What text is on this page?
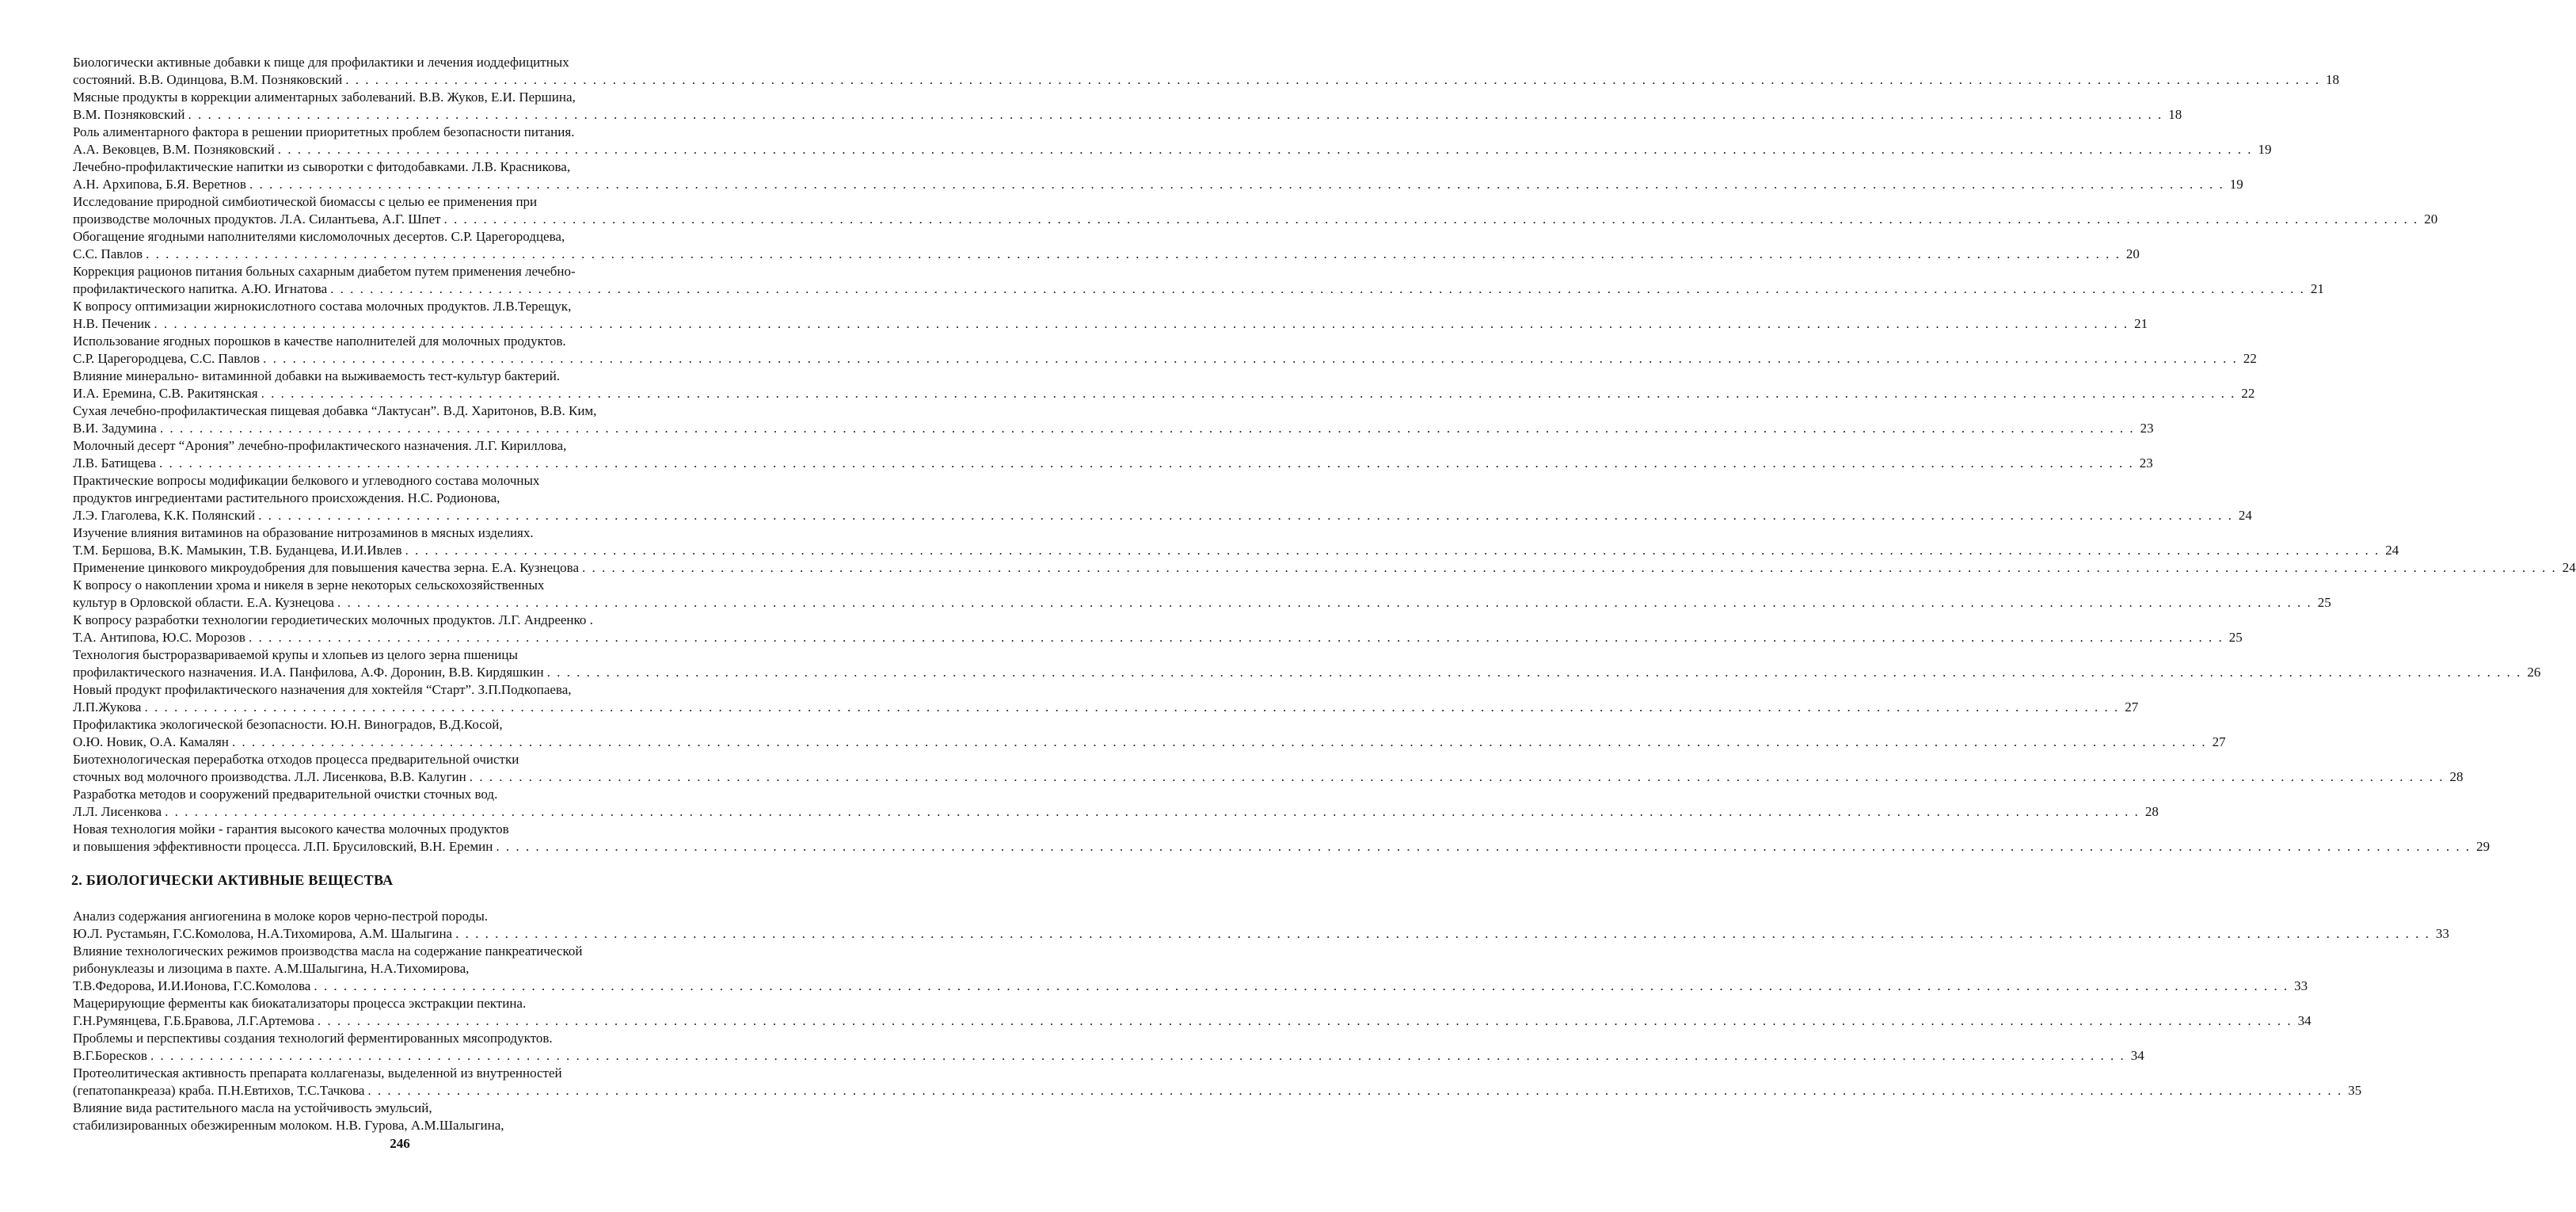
Биологически активные добавки к пище для профилактики и лечения иоддефицитных
состояний. В.В. Одинцова, В.М. Позняковский . . . . . . . . . . . . . . . . . . . . . . . . . . . . . . . . . . . . . . . . . . . . . . . . . . . . . . . . . . . . . . . . . . . . . . . . . . . . . . . . . . . . . . . . . . . . . . . . . . . . . . . . . . . . . . . . . . . . . . . . . . . . . . . . . . . . . . . . . . . . . . . . . . . . . . . . . . . . . . . . . . . . . . . . . . . . . . . . . . . . . . . . . . . . . . . . . . . . . . . . 18
Мясные продукты в коррекции алиментарных заболеваний. В.В. Жуков, Е.И. Першина,
В.М. Позняковский . . . . . . . . . . . . . . . . . . . . . . . . . . . . . . . . . . . . . . . . . . . . . . . . . . . . . . . . . . . . . . . . . . . . . . . . . . . . . . . . . . . . . . . . . . . . . . . . . . . . . . . . . . . . . . . . . . . . . . . . . . . . . . . . . . . . . . . . . . . . . . . . . . . . . . . . . . . . . . . . . . . . . . . . . . . . . . . . . . . . . . . . . . . . . . . . . . . . . . . . 18
Роль алиментарного фактора в решении приоритетных проблем безопасности питания.
А.А. Вековцев, В.М. Позняковский . . . . . . . . . . . . . . . . . . . . . . . . . . . . . . . . . . . . . . . . . . . . . . . . . . . . . . . . . . . . . . . . . . . . . . . . . . . . . . . . . . . . . . . . . . . . . . . . . . . . . . . . . . . . . . . . . . . . . . . . . . . . . . . . . . . . . . . . . . . . . . . . . . . . . . . . . . . . . . . . . . . . . . . . . . . . . . . . . . . . . . . . . . . . . . . . . . . . . . . . 19
Лечебно-профилактические напитки из сыворотки с фитодобавками. Л.В. Красникова,
А.Н. Архипова, Б.Я. Веретнов . . . . . . . . . . . . . . . . . . . . . . . . . . . . . . . . . . . . . . . . . . . . . . . . . . . . . . . . . . . . . . . . . . . . . . . . . . . . . . . . . . . . . . . . . . . . . . . . . . . . . . . . . . . . . . . . . . . . . . . . . . . . . . . . . . . . . . . . . . . . . . . . . . . . . . . . . . . . . . . . . . . . . . . . . . . . . . . . . . . . . . . . . . . . . . . . . . . . . . . . 19
Исследование природной симбиотической биомассы с целью ее применения при
производстве молочных продуктов. Л.А. Силантьева, А.Г. Шпет . . . . . . . . . . . . . . . . . . . . . . . . . . . . . . . . . . . . . . . . . . . . . . . . . . . . . . . . . . . . . . . . . . . . . . . . . . . . . . . . . . . . . . . . . . . . . . . . . . . . . . . . . . . . . . . . . . . . . . . . . . . . . . . . . . . . . . . . . . . . . . . . . . . . . . . . . . . . . . . . . . . . . . . . . . . . . . . . . . . . . . . . . . . . . . . . . . . . . . . . 20
Обогащение ягодными наполнителями кисломолочных десертов. С.Р. Царегородцева,
С.С. Павлов . . . . . . . . . . . . . . . . . . . . . . . . . . . . . . . . . . . . . . . . . . . . . . . . . . . . . . . . . . . . . . . . . . . . . . . . . . . . . . . . . . . . . . . . . . . . . . . . . . . . . . . . . . . . . . . . . . . . . . . . . . . . . . . . . . . . . . . . . . . . . . . . . . . . . . . . . . . . . . . . . . . . . . . . . . . . . . . . . . . . . . . . . . . . . . . . . . . . . . . . 20
Коррекция рационов питания больных сахарным диабетом путем применения лечебно-
профилактического напитка. А.Ю. Игнатова . . . . . . . . . . . . . . . . . . . . . . . . . . . . . . . . . . . . . . . . . . . . . . . . . . . . . . . . . . . . . . . . . . . . . . . . . . . . . . . . . . . . . . . . . . . . . . . . . . . . . . . . . . . . . . . . . . . . . . . . . . . . . . . . . . . . . . . . . . . . . . . . . . . . . . . . . . . . . . . . . . . . . . . . . . . . . . . . . . . . . . . . . . . . . . . . . . . . . . . . 21
К вопросу оптимизации жирнокислотного состава молочных продуктов. Л.В.Терещук,
Н.В. Печеник . . . . . . . . . . . . . . . . . . . . . . . . . . . . . . . . . . . . . . . . . . . . . . . . . . . . . . . . . . . . . . . . . . . . . . . . . . . . . . . . . . . . . . . . . . . . . . . . . . . . . . . . . . . . . . . . . . . . . . . . . . . . . . . . . . . . . . . . . . . . . . . . . . . . . . . . . . . . . . . . . . . . . . . . . . . . . . . . . . . . . . . . . . . . . . . . . . . . . . . . 21
Использование ягодных порошков в качестве наполнителей для молочных продуктов.
С.Р. Царегородцева, С.С. Павлов . . . . . . . . . . . . . . . . . . . . . . . . . . . . . . . . . . . . . . . . . . . . . . . . . . . . . . . . . . . . . . . . . . . . . . . . . . . . . . . . . . . . . . . . . . . . . . . . . . . . . . . . . . . . . . . . . . . . . . . . . . . . . . . . . . . . . . . . . . . . . . . . . . . . . . . . . . . . . . . . . . . . . . . . . . . . . . . . . . . . . . . . . . . . . . . . . . . . . . . . 22
Влияние минерально- витаминной добавки на выживаемость тест-культур бактерий.
И.А. Еремина, С.В. Ракитянская . . . . . . . . . . . . . . . . . . . . . . . . . . . . . . . . . . . . . . . . . . . . . . . . . . . . . . . . . . . . . . . . . . . . . . . . . . . . . . . . . . . . . . . . . . . . . . . . . . . . . . . . . . . . . . . . . . . . . . . . . . . . . . . . . . . . . . . . . . . . . . . . . . . . . . . . . . . . . . . . . . . . . . . . . . . . . . . . . . . . . . . . . . . . . . . . . . . . . . . . 22
Сухая лечебно-профилактическая пищевая добавка “Лактусан”. В.Д. Харитонов, В.В. Ким,
В.И. Задумина . . . . . . . . . . . . . . . . . . . . . . . . . . . . . . . . . . . . . . . . . . . . . . . . . . . . . . . . . . . . . . . . . . . . . . . . . . . . . . . . . . . . . . . . . . . . . . . . . . . . . . . . . . . . . . . . . . . . . . . . . . . . . . . . . . . . . . . . . . . . . . . . . . . . . . . . . . . . . . . . . . . . . . . . . . . . . . . . . . . . . . . . . . . . . . . . . . . . . . . . 23
Молочный десерт “Арония” лечебно-профилактического назначения. Л.Г. Кириллова,
Л.В. Батищева . . . . . . . . . . . . . . . . . . . . . . . . . . . . . . . . . . . . . . . . . . . . . . . . . . . . . . . . . . . . . . . . . . . . . . . . . . . . . . . . . . . . . . . . . . . . . . . . . . . . . . . . . . . . . . . . . . . . . . . . . . . . . . . . . . . . . . . . . . . . . . . . . . . . . . . . . . . . . . . . . . . . . . . . . . . . . . . . . . . . . . . . . . . . . . . . . . . . . . . . 23
Практические вопросы модификации белкового и углеводного состава молочных
продуктов ингредиентами растительного происхождения. Н.С. Родионова,
Л.Э. Глаголева, К.К. Полянский . . . . . . . . . . . . . . . . . . . . . . . . . . . . . . . . . . . . . . . . . . . . . . . . . . . . . . . . . . . . . . . . . . . . . . . . . . . . . . . . . . . . . . . . . . . . . . . . . . . . . . . . . . . . . . . . . . . . . . . . . . . . . . . . . . . . . . . . . . . . . . . . . . . . . . . . . . . . . . . . . . . . . . . . . . . . . . . . . . . . . . . . . . . . . . . . . . . . . . . . 24
Изучение влияния витаминов на образование нитрозаминов в мясных изделиях.
Т.М. Бершова, В.К. Мамыкин, Т.В. Буданцева, И.И.Ивлев . . . . . . . . . . . . . . . . . . . . . . . . . . . . . . . . . . . . . . . . . . . . . . . . . . . . . . . . . . . . . . . . . . . . . . . . . . . . . . . . . . . . . . . . . . . . . . . . . . . . . . . . . . . . . . . . . . . . . . . . . . . . . . . . . . . . . . . . . . . . . . . . . . . . . . . . . . . . . . . . . . . . . . . . . . . . . . . . . . . . . . . . . . . . . . . . . . . . . . . . 24
Применение цинкового микроудобрения для повышения качества зерна. Е.А. Кузнецова . . . . . . . . . . . . . . . . . . . . . . . . . . . . . . . . . . . . . . . . . . . . . . . . . . . . . . . . . . . . . . . . . . . . . . . . . . . . . . . . . . . . . . . . . . . . . . . . . . . . . . . . . . . . . . . . . . . . . . . . . . . . . . . . . . . . . . . . . . . . . . . . . . . . . . . . . . . . . . . . . . . . . . . . . . . . . . . . . . . . . . . . . . . . . . . . . . . . . . . . 24
К вопросу о накоплении хрома и никеля в зерне некоторых сельскохозяйственных
культур в Орловской области. Е.А. Кузнецова . . . . . . . . . . . . . . . . . . . . . . . . . . . . . . . . . . . . . . . . . . . . . . . . . . . . . . . . . . . . . . . . . . . . . . . . . . . . . . . . . . . . . . . . . . . . . . . . . . . . . . . . . . . . . . . . . . . . . . . . . . . . . . . . . . . . . . . . . . . . . . . . . . . . . . . . . . . . . . . . . . . . . . . . . . . . . . . . . . . . . . . . . . . . . . . . . . . . . . . . 25
К вопросу разработки технологии геродиетических молочных продуктов. Л.Г. Андреенко .
Т.А. Антипова, Ю.С. Морозов . . . . . . . . . . . . . . . . . . . . . . . . . . . . . . . . . . . . . . . . . . . . . . . . . . . . . . . . . . . . . . . . . . . . . . . . . . . . . . . . . . . . . . . . . . . . . . . . . . . . . . . . . . . . . . . . . . . . . . . . . . . . . . . . . . . . . . . . . . . . . . . . . . . . . . . . . . . . . . . . . . . . . . . . . . . . . . . . . . . . . . . . . . . . . . . . . . . . . . . . 25
Технология быстроразвариваемой крупы и хлопьев из целого зерна пшеницы
профилактического назначения. И.А. Панфилова, А.Ф. Доронин, В.В. Кирдяшкин . . . . . . . . . . . . . . . . . . . . . . . . . . . . . . . . . . . . . . . . . . . . . . . . . . . . . . . . . . . . . . . . . . . . . . . . . . . . . . . . . . . . . . . . . . . . . . . . . . . . . . . . . . . . . . . . . . . . . . . . . . . . . . . . . . . . . . . . . . . . . . . . . . . . . . . . . . . . . . . . . . . . . . . . . . . . . . . . . . . . . . . . . . . . . . . . . . . . . . . . 26
Новый продукт профилактического назначения для хоктейля “Старт”. З.П.Подкопаева,
Л.П.Жукова . . . . . . . . . . . . . . . . . . . . . . . . . . . . . . . . . . . . . . . . . . . . . . . . . . . . . . . . . . . . . . . . . . . . . . . . . . . . . . . . . . . . . . . . . . . . . . . . . . . . . . . . . . . . . . . . . . . . . . . . . . . . . . . . . . . . . . . . . . . . . . . . . . . . . . . . . . . . . . . . . . . . . . . . . . . . . . . . . . . . . . . . . . . . . . . . . . . . . . . . 27
Профилактика экологической безопасности. Ю.Н. Виноградов, В.Д.Косой,
О.Ю. Новик, О.А. Камалян . . . . . . . . . . . . . . . . . . . . . . . . . . . . . . . . . . . . . . . . . . . . . . . . . . . . . . . . . . . . . . . . . . . . . . . . . . . . . . . . . . . . . . . . . . . . . . . . . . . . . . . . . . . . . . . . . . . . . . . . . . . . . . . . . . . . . . . . . . . . . . . . . . . . . . . . . . . . . . . . . . . . . . . . . . . . . . . . . . . . . . . . . . . . . . . . . . . . . . . . 27
Биотехнологическая переработка отходов процесса предварительной очистки
сточных вод молочного производства. Л.Л. Лисенкова, В.В. Калугин . . . . . . . . . . . . . . . . . . . . . . . . . . . . . . . . . . . . . . . . . . . . . . . . . . . . . . . . . . . . . . . . . . . . . . . . . . . . . . . . . . . . . . . . . . . . . . . . . . . . . . . . . . . . . . . . . . . . . . . . . . . . . . . . . . . . . . . . . . . . . . . . . . . . . . . . . . . . . . . . . . . . . . . . . . . . . . . . . . . . . . . . . . . . . . . . . . . . . . . . 28
Разработка методов и сооружений предварительной очистки сточных вод.
Л.Л. Лисенкова . . . . . . . . . . . . . . . . . . . . . . . . . . . . . . . . . . . . . . . . . . . . . . . . . . . . . . . . . . . . . . . . . . . . . . . . . . . . . . . . . . . . . . . . . . . . . . . . . . . . . . . . . . . . . . . . . . . . . . . . . . . . . . . . . . . . . . . . . . . . . . . . . . . . . . . . . . . . . . . . . . . . . . . . . . . . . . . . . . . . . . . . . . . . . . . . . . . . . . . . 28
Новая технология мойки - гарантия высокого качества молочных продуктов
и повышения эффективности процесса. Л.П. Брусиловский, В.Н. Еремин . . . . . . . . . . . . . . . . . . . . . . . . . . . . . . . . . . . . . . . . . . . . . . . . . . . . . . . . . . . . . . . . . . . . . . . . . . . . . . . . . . . . . . . . . . . . . . . . . . . . . . . . . . . . . . . . . . . . . . . . . . . . . . . . . . . . . . . . . . . . . . . . . . . . . . . . . . . . . . . . . . . . . . . . . . . . . . . . . . . . . . . . . . . . . . . . . . . . . . . . 29
2. БИОЛОГИЧЕСКИ АКТИВНЫЕ ВЕЩЕСТВА
Анализ содержания ангиогенина в молоке коров черно-пестрой породы.
Ю.Л. Рустамьян, Г.С.Комолова, Н.А.Тихомирова, А.М. Шалыгина . . . . . . . . . . . . . . . . . . . . . . . . . . . . . . . . . . . . . . . . . . . . . . . . . . . . . . . . . . . . . . . . . . . . . . . . . . . . . . . . . . . . . . . . . . . . . . . . . . . . . . . . . . . . . . . . . . . . . . . . . . . . . . . . . . . . . . . . . . . . . . . . . . . . . . . . . . . . . . . . . . . . . . . . . . . . . . . . . . . . . . . . . . . . . . . . . . . . . . . . 33
Влияние технологических режимов производства масла на содержание панкреатической
рибонуклеазы и лизоцима в пахте. А.М.Шалыгина, Н.А.Тихомирова,
Т.В.Федорова, И.И.Ионова, Г.С.Комолова . . . . . . . . . . . . . . . . . . . . . . . . . . . . . . . . . . . . . . . . . . . . . . . . . . . . . . . . . . . . . . . . . . . . . . . . . . . . . . . . . . . . . . . . . . . . . . . . . . . . . . . . . . . . . . . . . . . . . . . . . . . . . . . . . . . . . . . . . . . . . . . . . . . . . . . . . . . . . . . . . . . . . . . . . . . . . . . . . . . . . . . . . . . . . . . . . . . . . . . . 33
Мацерирующие ферменты как биокатализаторы процесса экстракции пектина.
Г.Н.Румянцева, Г.Б.Бравова, Л.Г.Артемова . . . . . . . . . . . . . . . . . . . . . . . . . . . . . . . . . . . . . . . . . . . . . . . . . . . . . . . . . . . . . . . . . . . . . . . . . . . . . . . . . . . . . . . . . . . . . . . . . . . . . . . . . . . . . . . . . . . . . . . . . . . . . . . . . . . . . . . . . . . . . . . . . . . . . . . . . . . . . . . . . . . . . . . . . . . . . . . . . . . . . . . . . . . . . . . . . . . . . . . . 34
Проблемы и перспективы создания технологий ферментированных мясопродуктов.
В.Г.Боресков . . . . . . . . . . . . . . . . . . . . . . . . . . . . . . . . . . . . . . . . . . . . . . . . . . . . . . . . . . . . . . . . . . . . . . . . . . . . . . . . . . . . . . . . . . . . . . . . . . . . . . . . . . . . . . . . . . . . . . . . . . . . . . . . . . . . . . . . . . . . . . . . . . . . . . . . . . . . . . . . . . . . . . . . . . . . . . . . . . . . . . . . . . . . . . . . . . . . . . . . 34
Протеолитическая активность препарата коллагеназы, выделенной из внутренностей
(гепатопанкреаза) краба. П.Н.Евтихов, Т.С.Тачкова . . . . . . . . . . . . . . . . . . . . . . . . . . . . . . . . . . . . . . . . . . . . . . . . . . . . . . . . . . . . . . . . . . . . . . . . . . . . . . . . . . . . . . . . . . . . . . . . . . . . . . . . . . . . . . . . . . . . . . . . . . . . . . . . . . . . . . . . . . . . . . . . . . . . . . . . . . . . . . . . . . . . . . . . . . . . . . . . . . . . . . . . . . . . . . . . . . . . . . . . 35
Влияние вида растительного масла на устойчивость эмульсий,
стабилизированных обезжиренным молоком. Н.В. Гурова, А.М.Шалыгина,
246
